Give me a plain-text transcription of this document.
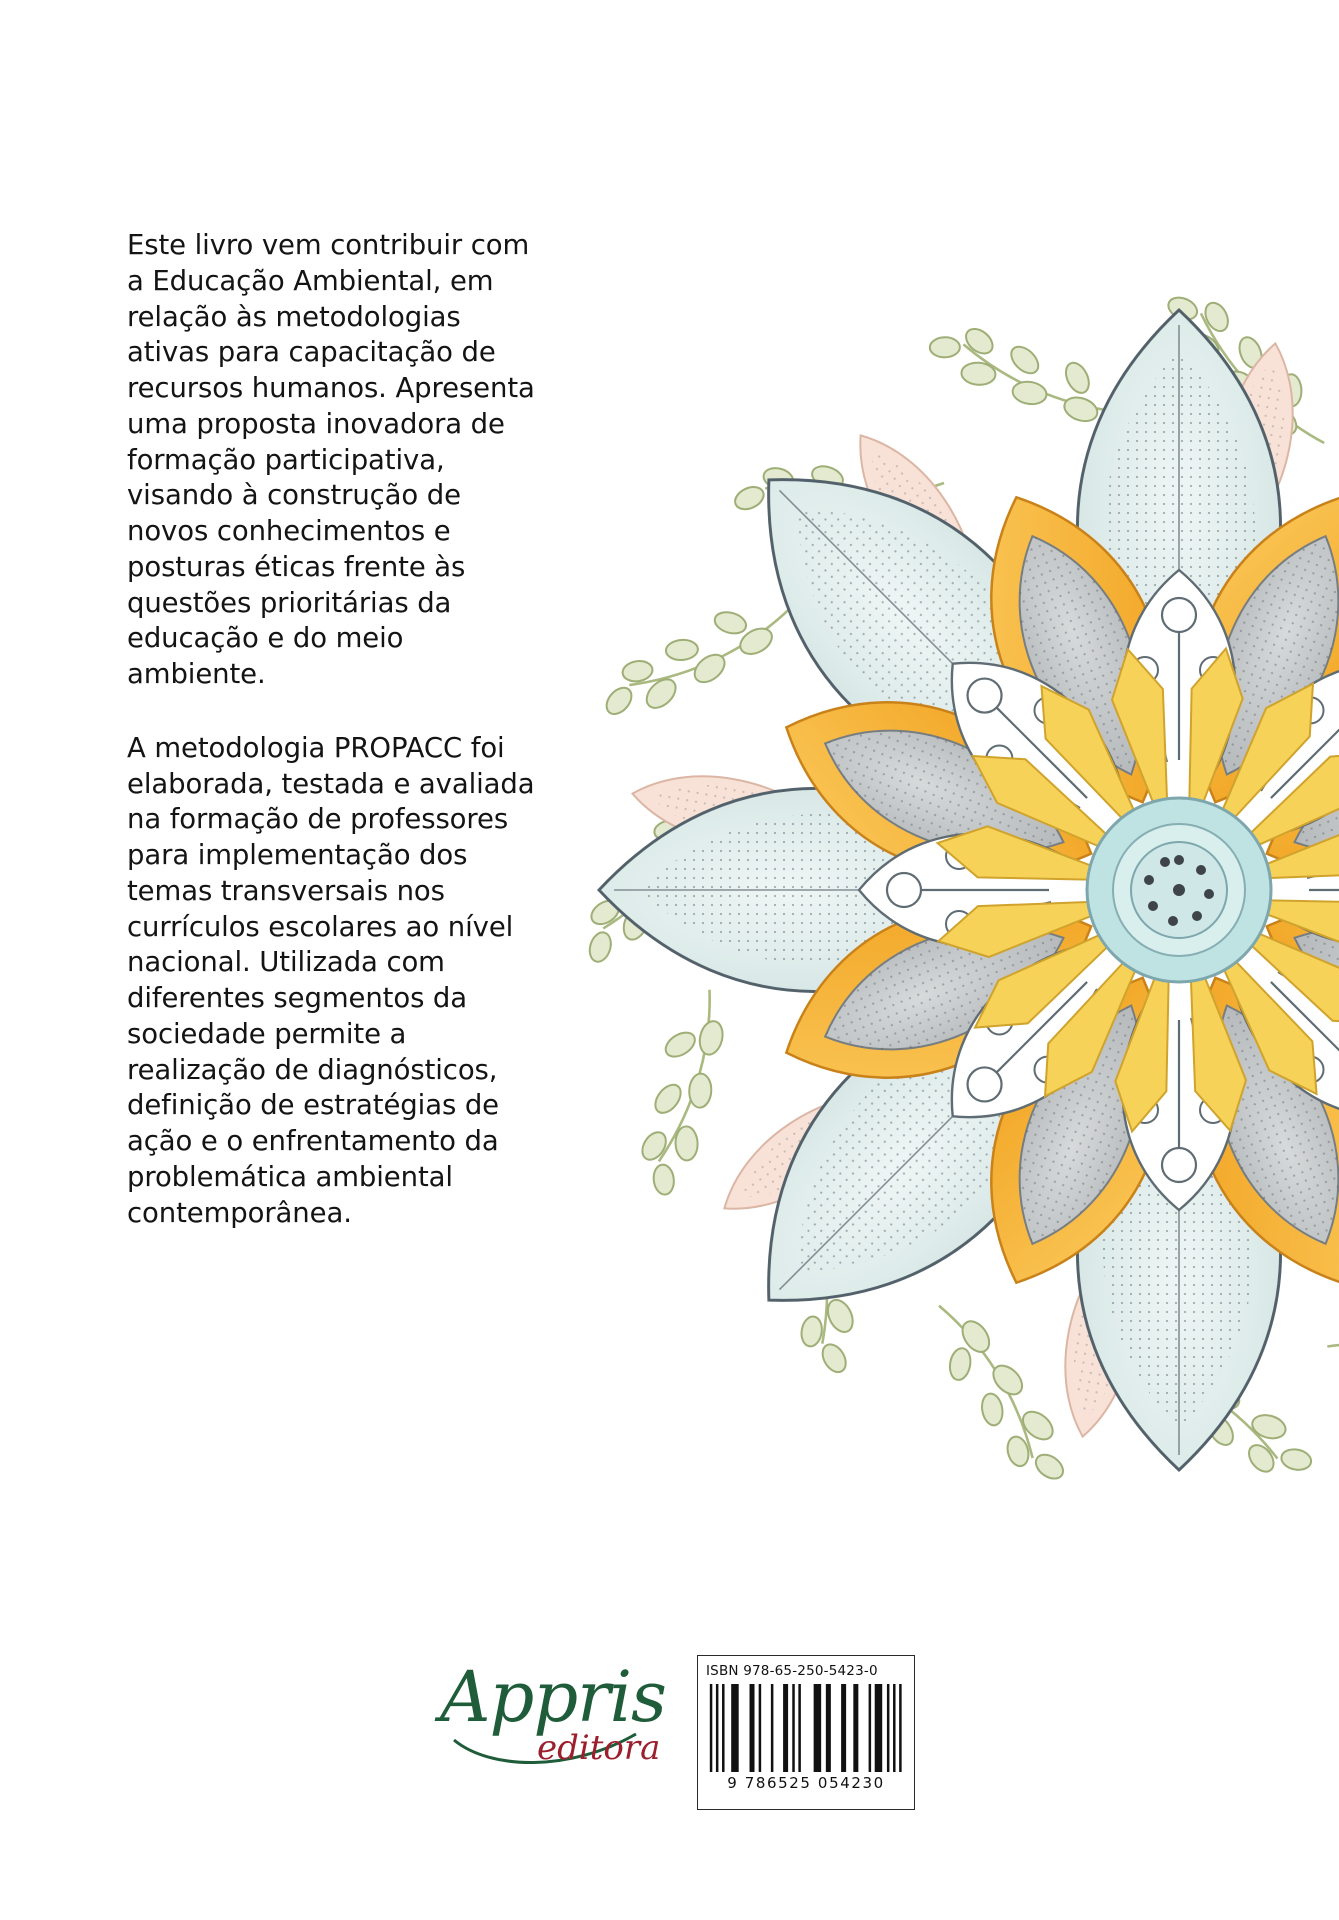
Este livro vem contribuir com a Educação Ambiental, em relação às metodologias ativas para capacitação de recursos humanos. Apresenta uma proposta inovadora de formação participativa, visando à construção de novos conhecimentos e posturas éticas frente às questões prioritárias da educação e do meio ambiente.

A metodologia PROPACC foi elaborada, testada e avaliada na formação de professores para implementação dos temas transversais nos currículos escolares ao nível nacional. Utilizada com diferentes segmentos da sociedade permite a realização de diagnósticos, definição de estratégias de ação e o enfrentamento da problemática ambiental contemporânea.

Appris
editora
ISBN 978-65-250-5423-0
9 786525 054230
